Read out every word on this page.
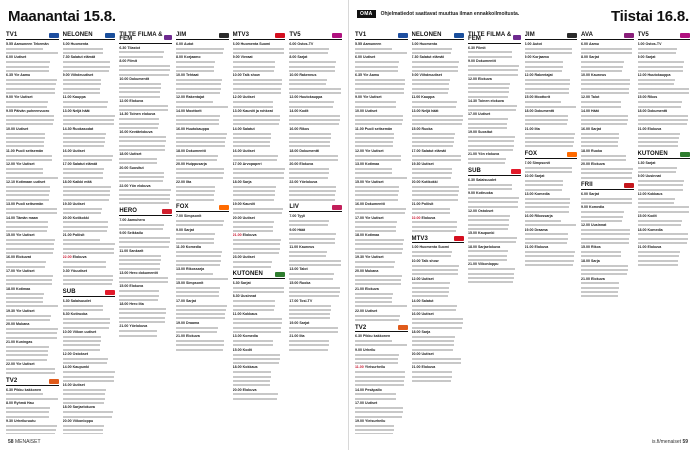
Maanantai 15.8.
TV1
5.55 Aamuneen Tekemän
6.00 Uutiset
6.35 Yle Aamu
9.00 Yle Uutiset
9.05 Päivän puheenvuoro
10.00 Uutiset
11.00 Puoli seitsemän
12.00 Yle Uutiset
12.10 Kotimaan uutiset
13.00 Puoli seitsemän
14.00 Tämän maan
15.00 Yle Uutiset
16.00 Elokuvat
17.00 Yle Uutiset
18.00 Kotimaa
19.30 Yle Uutiset
20.00 Mukana
21.00 Kuningas
22.00 Yle Uutiset
TV2
6.30 Pikku kakkonen
8.00 Ryhmä Hau
9.30 Urheiluruutu
NELONEN
6.00 Huomenta
7.30 Salatut elämät
9.00 Viihdeuutiset
11.00 Kauppa
13.00 Neljä häät
14.30 Ruokasodat
16.00 Uutiset
17.00 Salatut elämät
18.00 Kaikki mitä
19.30 Uutiset
20.00 Kotikokki
21.00 Poliisit
22.00 Elokuva
0.30 Yöuutiset
SUB
6.30 Salaisuudet
8.30 Kotiruoka
10.00 Viikon uutiset
12.00 Ostokset
14.00 Kaupunki
16.00 Uutiset
18.00 Sarjaelokuva
20.00 Viikonloppu
TILTE FILMA & FEM
6.30 Tilastot
8.00 Filmit
10.00 Dokumentit
12.00 Elokuva
14.30 Toinen elokuva
16.00 Kevätelokuva
18.00 Uutiset
20.00 Suositut
22.00 Yön elokuva
HERO
7.00 Aamuhero
9.00 Seikkailu
11.00 Sankarit
13.00 Hero dokumentit
15.00 Elokuva
18.00 Hero ilta
21.00 Yöelokuva
JIM
6.00 Autot
8.00 Korjaamo
10.00 Tehtaat
12.00 Rakentajat
14.00 Moottorit
16.00 Huutokauppa
18.00 Dokumentti
20.00 Huippusarja
22.00 Ilta
FOX
7.00 Simpsonit
9.00 Sarjat
11.00 Komedia
13.00 Rikossarja
15.00 Simpsonit
17.00 Sarjat
19.00 Draama
21.00 Elokuva
MTV3
6.00 Huomenta Suomi
9.00 Vieraat
10.00 Talk show
12.00 Uutiset
13.00 Kauniit ja rohkeat
14.00 Salatut
16.00 Uutiset
17.00 Arvopaperi
18.00 Sarja
19.00 Kauniit
20.00 Uutiset
21.00 Elokuva
23.00 Uutiset
KUTONEN
6.30 Sarjat
8.30 Uusinnat
11.00 Kokkaus
13.00 Komedia
15.00 Kodit
18.00 Kokkaus
20.00 Elokuva
TV5
6.00 Ostos-TV
8.00 Sarjat
10.00 Rakennus
12.00 Huutokauppa
14.00 Kodit
16.00 Rikos
18.00 Dokumentti
20.00 Elokuva
22.00 Yöelokuva
LIV
7.00 Tyyli
9.00 Häät
11.00 Kauneus
13.00 Talot
15.00 Ruoka
17.00 Tosi-TV
19.00 Sarjat
21.00 Ilta
58 MENAISET
OMA	Ohjelmatiedot saattavat muuttua ilman ennakkoilmoitusta.	Tiistai 16.8.
TV1
5.55 Aamuneen
6.00 Uutiset
6.35 Yle Aamu
9.00 Yle Uutiset
10.00 Uutiset
11.00 Puoli seitsemän
12.00 Yle Uutiset
13.00 Kotimaa
15.00 Yle Uutiset
16.00 Dokumentti
17.00 Yle Uutiset
18.00 Kotimaa
19.30 Yle Uutiset
20.00 Mukana
21.00 Elokuva
22.00 Uutiset
TV2
6.30 Pikku kakkonen
9.00 Urheilu
11.00 Yleisurheilu
14.00 Pesäpallo
17.00 Uutiset
19.00 Yleisurheilu
NELONEN
6.00 Huomenta
7.30 Salatut elämät
9.00 Viihdeuutiset
11.00 Kauppa
13.00 Neljä häät
15.00 Ruoka
17.00 Salatut elämät
19.30 Uutiset
20.00 Kotikokki
21.00 Poliisit
22.00 Elokuva
MTV3
6.00 Huomenta Suomi
10.00 Talk show
12.00 Uutiset
14.00 Salatut
16.00 Uutiset
18.00 Sarja
20.00 Uutiset
21.00 Elokuva
TILTE FILMA & FEM
6.30 Filmit
9.00 Dokumentit
12.00 Elokuva
14.30 Toinen elokuva
17.00 Uutiset
19.00 Suositut
21.00 Yön elokuva
SUB
6.30 Salaisuudet
9.00 Kotiruoka
12.00 Ostokset
15.00 Kaupunki
18.00 Sarjaelokuva
21.00 Viikonloppu
JIM
6.00 Autot
9.00 Korjaamo
12.00 Rakentajat
15.00 Moottorit
18.00 Dokumentti
21.00 Ilta
FOX
7.00 Simpsonit
10.00 Sarjat
13.00 Komedia
16.00 Rikossarja
19.00 Draama
21.00 Elokuva
AVA
6.00 Aamu
8.00 Sarjat
10.00 Kauneus
12.00 Talot
14.00 Häät
16.00 Sarjat
18.00 Ruoka
20.00 Elokuva
FRII
6.00 Sarjat
9.00 Komedia
12.00 Uusinnat
15.00 Rikos
18.00 Sarja
21.00 Elokuva
TV5
6.00 Ostos-TV
9.00 Sarjat
12.00 Huutokauppa
15.00 Rikos
18.00 Dokumentti
21.00 Elokuva
KUTONEN
6.30 Sarjat
9.00 Uusinnat
12.00 Kokkaus
15.00 Kodit
18.00 Komedia
21.00 Elokuva
is.fi/menaiset 59
